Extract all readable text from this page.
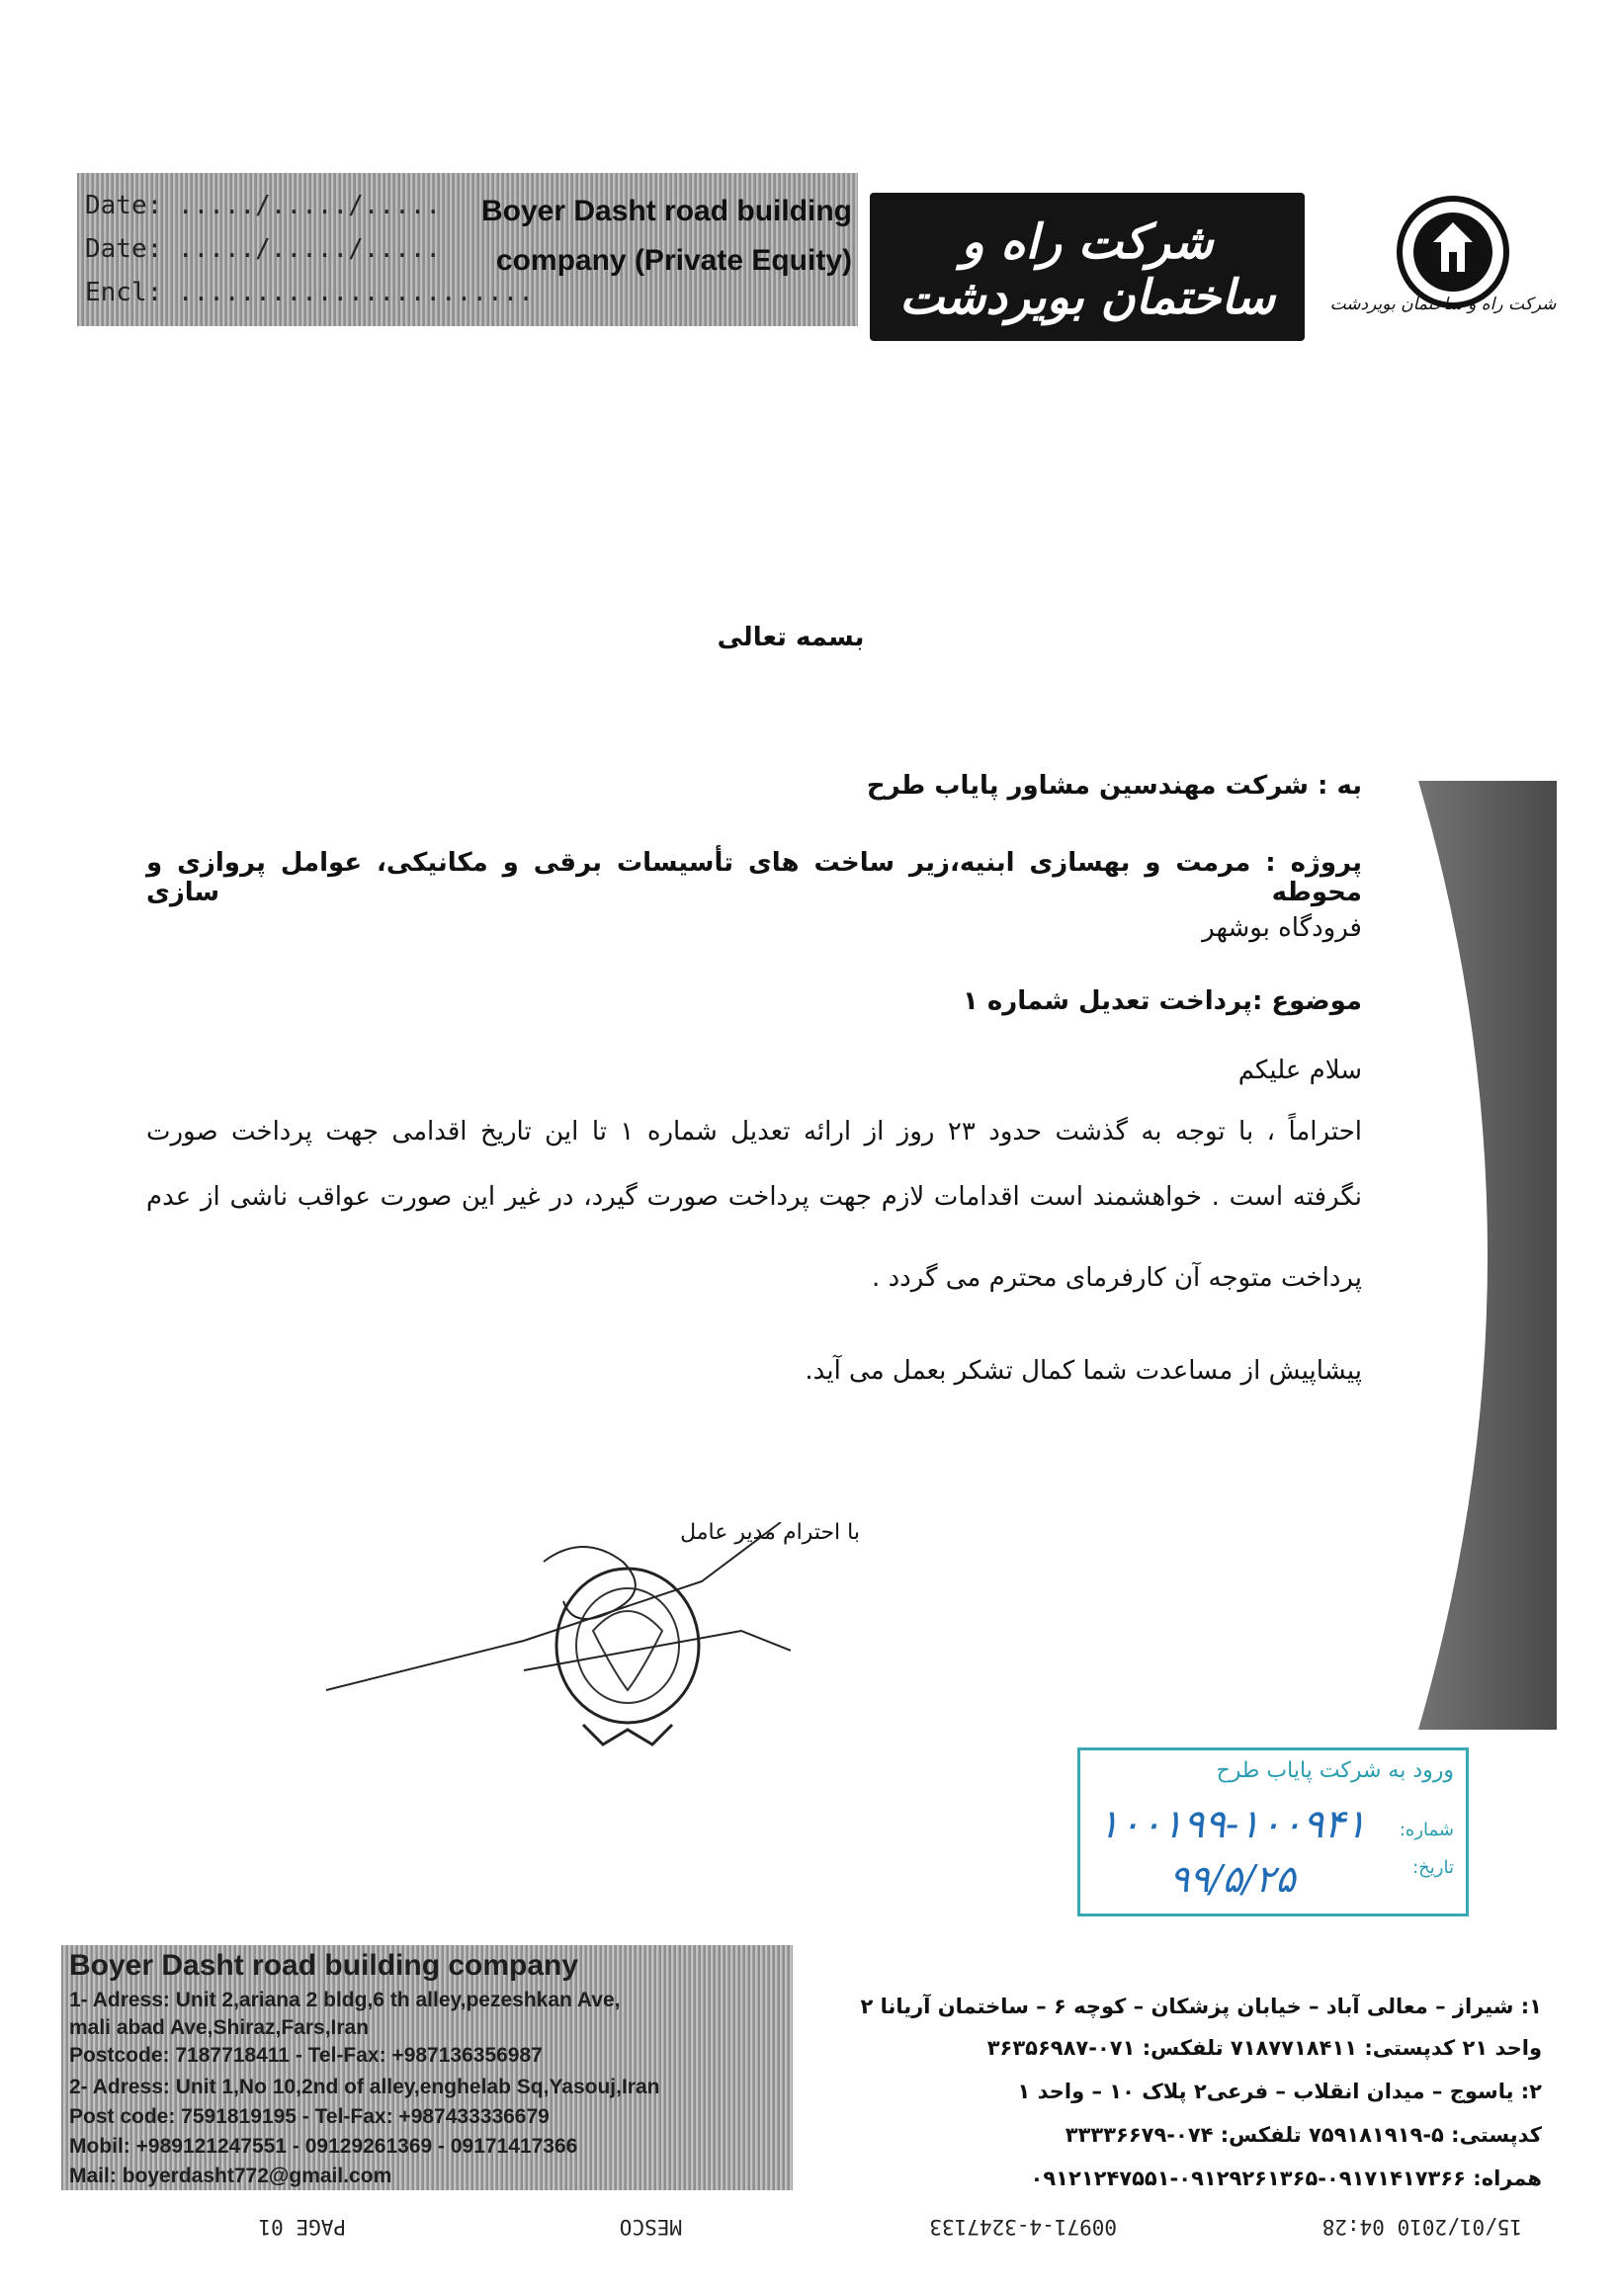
Date: ...../...../.....
Date: ...../...../.....
Encl: .......................
Boyer Dasht road building
company (Private Equity)	شرکت راه و ساختمان بویردشت
(سهامی خاص) ثبت ۷۷۲
شرکت راه و ساختمان بویردشت
بسمه تعالی
به : شرکت مهندسین مشاور پایاب طرح
پروژه : مرمت و بهسازی ابنیه،زیر ساخت های تأسیسات برقی و مکانیکی، عوامل پروازی و محوطه سازی
فرودگاه بوشهر
موضوع :پرداخت تعدیل شماره ۱
سلام علیکم
احتراماً ، با توجه به گذشت حدود ۲۳ روز از ارائه تعدیل شماره ۱ تا این تاریخ اقدامی جهت پرداخت صورت
نگرفته است . خواهشمند است اقدامات لازم جهت پرداخت صورت گیرد، در غیر این صورت عواقب ناشی از عدم
پرداخت متوجه آن کارفرمای محترم می گردد .
پیشاپیش از مساعدت شما کمال تشکر بعمل می آید.
با احترام مدیر عامل
ورود به شرکت پایاب طرح
شماره:
تاریخ:
۱۰۰۱۹۹-۱۰۰۹۴۱
۹۹/۵/۲۵
Boyer Dasht road building company
1- Adress: Unit 2,ariana 2 bldg,6 th alley,pezeshkan Ave,
mali abad Ave,Shiraz,Fars,Iran
Postcode: 7187718411 - Tel-Fax: +987136356987
2- Adress: Unit 1,No 10,2nd of alley,enghelab Sq,Yasouj,Iran
Post code: 7591819195 - Tel-Fax: +987433336679
Mobil: +989121247551 - 09129261369 - 09171417366
Mail: boyerdasht772@gmail.com
۱: شیراز – معالی آباد – خیابان پزشکان – کوچه ۶ – ساختمان آریانا ۲
واحد ۲۱ کدپستی: ۷۱۸۷۷۱۸۴۱۱ تلفکس: ۰۷۱-۳۶۳۵۶۹۸۷
۲: یاسوج – میدان انقلاب – فرعی۲ پلاک ۱۰ – واحد ۱
کدپستی: ۵-۷۵۹۱۸۱۹۱۹ تلفکس: ۰۷۴-۳۳۳۳۶۶۷۹
همراه: ۰۹۱۷۱۴۱۷۳۶۶-۰۹۱۲۹۲۶۱۳۶۵-۰۹۱۲۱۲۴۷۵۵۱
15/01/2010 04:28
00971-4-3247133
MESCO
PAGE 01
